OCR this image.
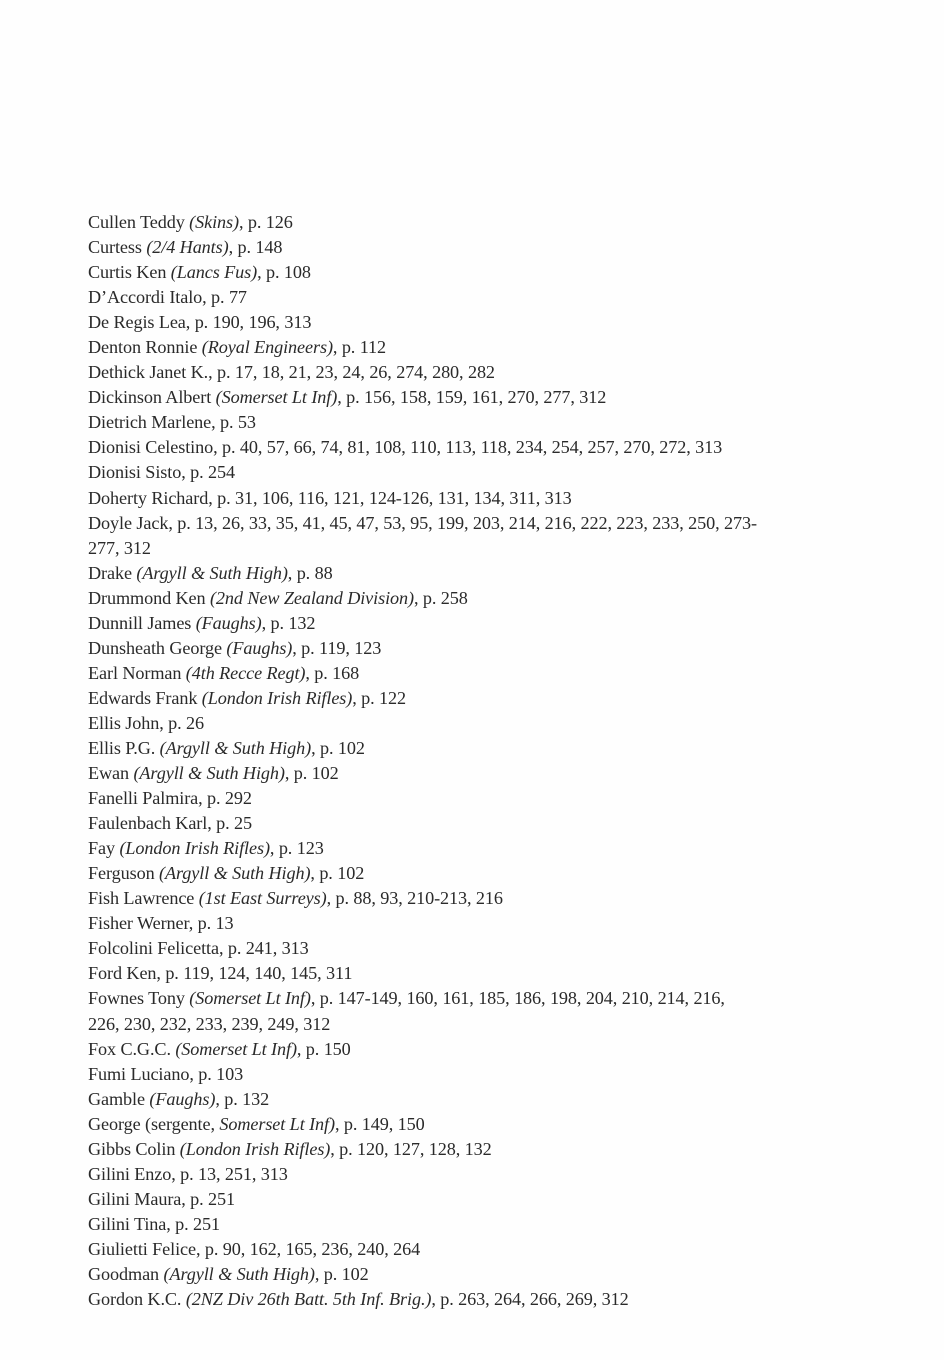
Cullen Teddy (Skins), p. 126
Curtess (2/4 Hants), p. 148
Curtis Ken (Lancs Fus), p. 108
D’Accordi Italo, p. 77
De Regis Lea, p. 190, 196, 313
Denton Ronnie (Royal Engineers), p. 112
Dethick Janet K., p. 17, 18, 21, 23, 24, 26, 274, 280, 282
Dickinson Albert (Somerset Lt Inf), p. 156, 158, 159, 161, 270, 277, 312
Dietrich Marlene, p. 53
Dionisi Celestino, p. 40, 57, 66, 74, 81, 108, 110, 113, 118, 234, 254, 257, 270, 272, 313
Dionisi Sisto, p. 254
Doherty Richard, p. 31, 106, 116, 121, 124-126, 131, 134, 311, 313
Doyle Jack, p. 13, 26, 33, 35, 41, 45, 47, 53, 95, 199, 203, 214, 216, 222, 223, 233, 250, 273-
277, 312
Drake (Argyll & Suth High), p. 88
Drummond Ken (2nd New Zealand Division), p. 258
Dunnill James (Faughs), p. 132
Dunsheath George (Faughs), p. 119, 123
Earl Norman (4th Recce Regt), p. 168
Edwards Frank (London Irish Rifles), p. 122
Ellis John, p. 26
Ellis P.G. (Argyll & Suth High), p. 102
Ewan (Argyll & Suth High), p. 102
Fanelli Palmira, p. 292
Faulenbach Karl, p. 25
Fay (London Irish Rifles), p. 123
Ferguson (Argyll & Suth High), p. 102
Fish Lawrence (1st East Surreys), p. 88, 93, 210-213, 216
Fisher Werner, p. 13
Folcolini Felicetta, p. 241, 313
Ford Ken, p. 119, 124, 140, 145, 311
Fownes Tony (Somerset Lt Inf), p. 147-149, 160, 161, 185, 186, 198, 204, 210, 214, 216,
226, 230, 232, 233, 239, 249, 312
Fox C.G.C. (Somerset Lt Inf), p. 150
Fumi Luciano, p. 103
Gamble (Faughs), p. 132
George (sergente, Somerset Lt Inf), p. 149, 150
Gibbs Colin (London Irish Rifles), p. 120, 127, 128, 132
Gilini Enzo, p. 13, 251, 313
Gilini Maura, p. 251
Gilini Tina, p. 251
Giulietti Felice, p. 90, 162, 165, 236, 240, 264
Goodman (Argyll & Suth High), p. 102
Gordon K.C. (2NZ Div 26th Batt. 5th Inf. Brig.), p. 263, 264, 266, 269, 312
